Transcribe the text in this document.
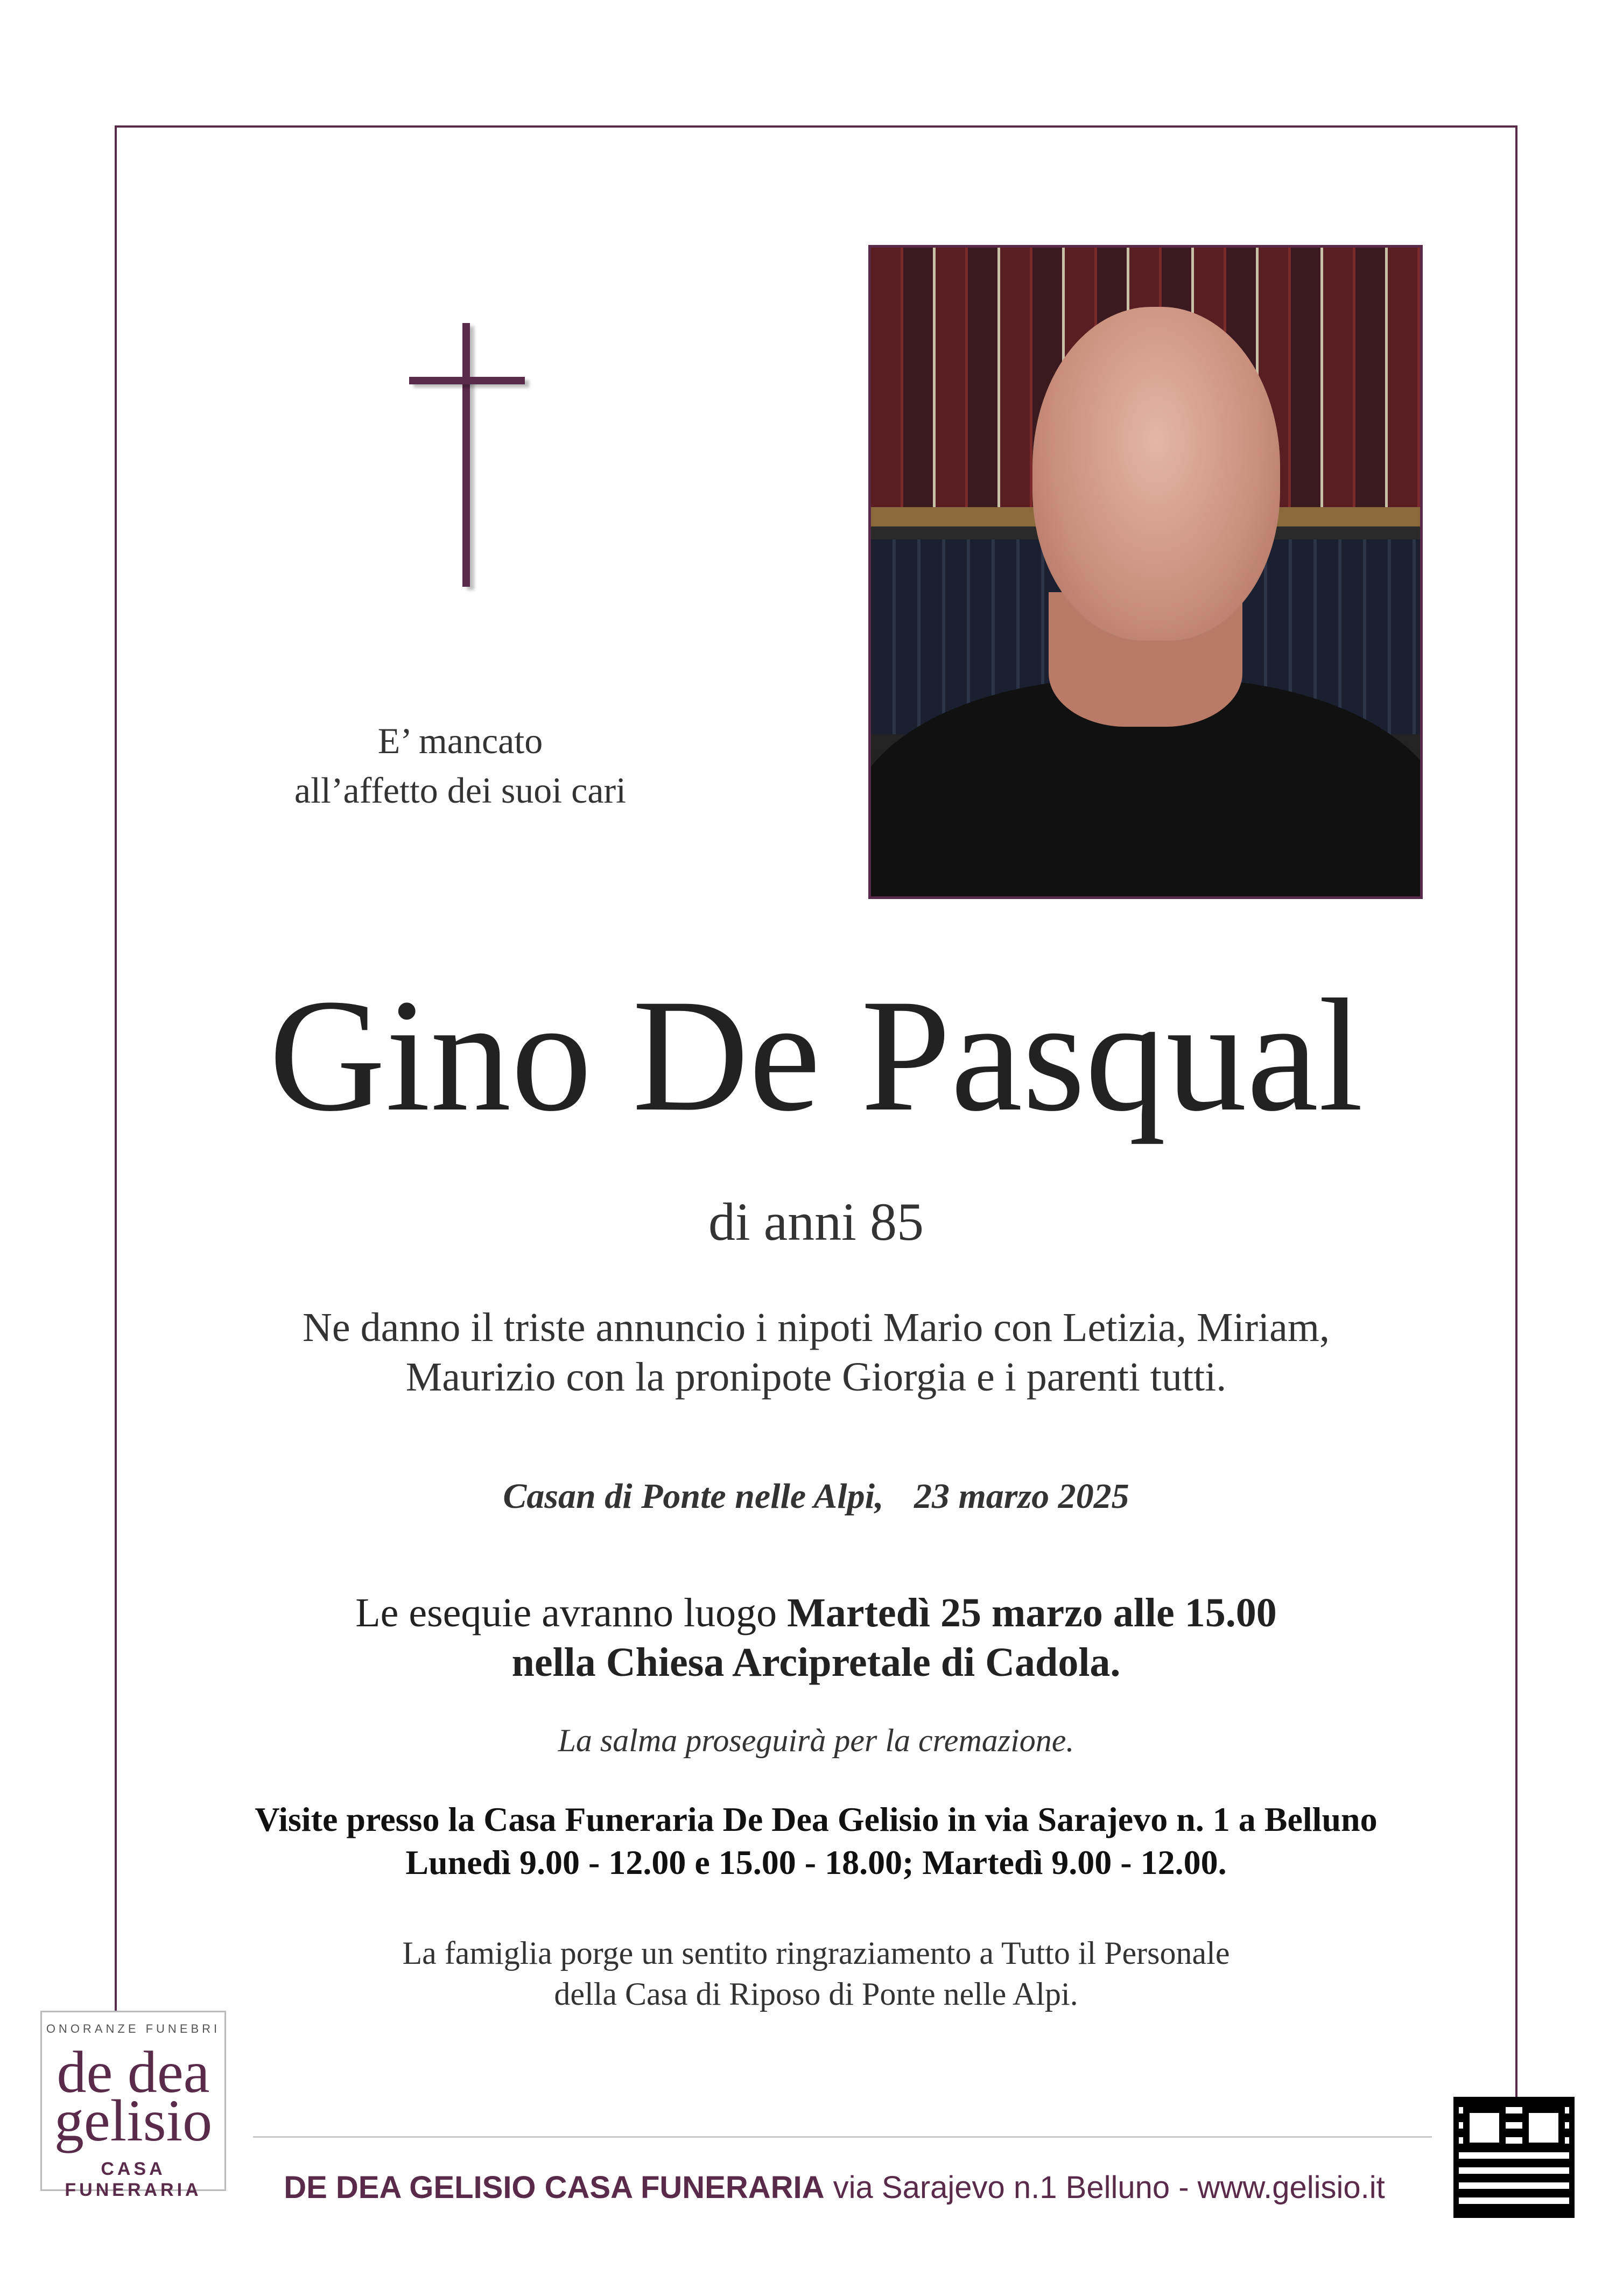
E’ mancato
all’affetto dei suoi cari
Gino De Pasqual
di anni 85
Ne danno il triste annuncio i nipoti Mario con Letizia, Miriam,
Maurizio con la pronipote Giorgia e i parenti tutti.
Casan di Ponte nelle Alpi, 23 marzo 2025
Le esequie avranno luogo Martedì 25 marzo alle 15.00
nella Chiesa Arcipretale di Cadola.
La salma proseguirà per la cremazione.
Visite presso la Casa Funeraria De Dea Gelisio in via Sarajevo n. 1 a Belluno
Lunedì 9.00 - 12.00 e 15.00 - 18.00; Martedì 9.00 - 12.00.
La famiglia porge un sentito ringraziamento a Tutto il Personale
della Casa di Riposo di Ponte nelle Alpi.
ONORANZE FUNEBRI
de dea
gelisio
CASA FUNERARIA	DE DEA GELISIO CASA FUNERARIA via Sarajevo n.1 Belluno - www.gelisio.it
